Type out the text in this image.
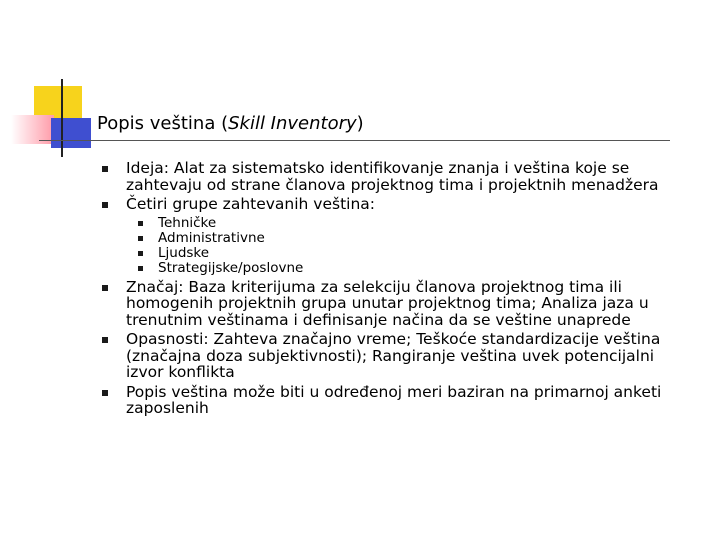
Popis veština (Skill Inventory)
Ideja: Alat za sistematsko identifikovanje znanja i veština koje se zahtevaju od strane članova projektnog tima i projektnih menadžera
Četiri grupe zahtevanih veština:
Tehničke
Administrativne
Ljudske
Strategijske/poslovne
Značaj: Baza kriterijuma za selekciju članova projektnog tima ili homogenih projektnih grupa unutar projektnog tima; Analiza jaza u trenutnim veštinama i definisanje načina da se veštine unaprede
Opasnosti: Zahteva značajno vreme; Teškoće standardizacije veština (značajna doza subjektivnosti); Rangiranje veština uvek potencijalni izvor konflikta
Popis veština može biti u određenoj meri baziran na primarnoj anketi zaposlenih
